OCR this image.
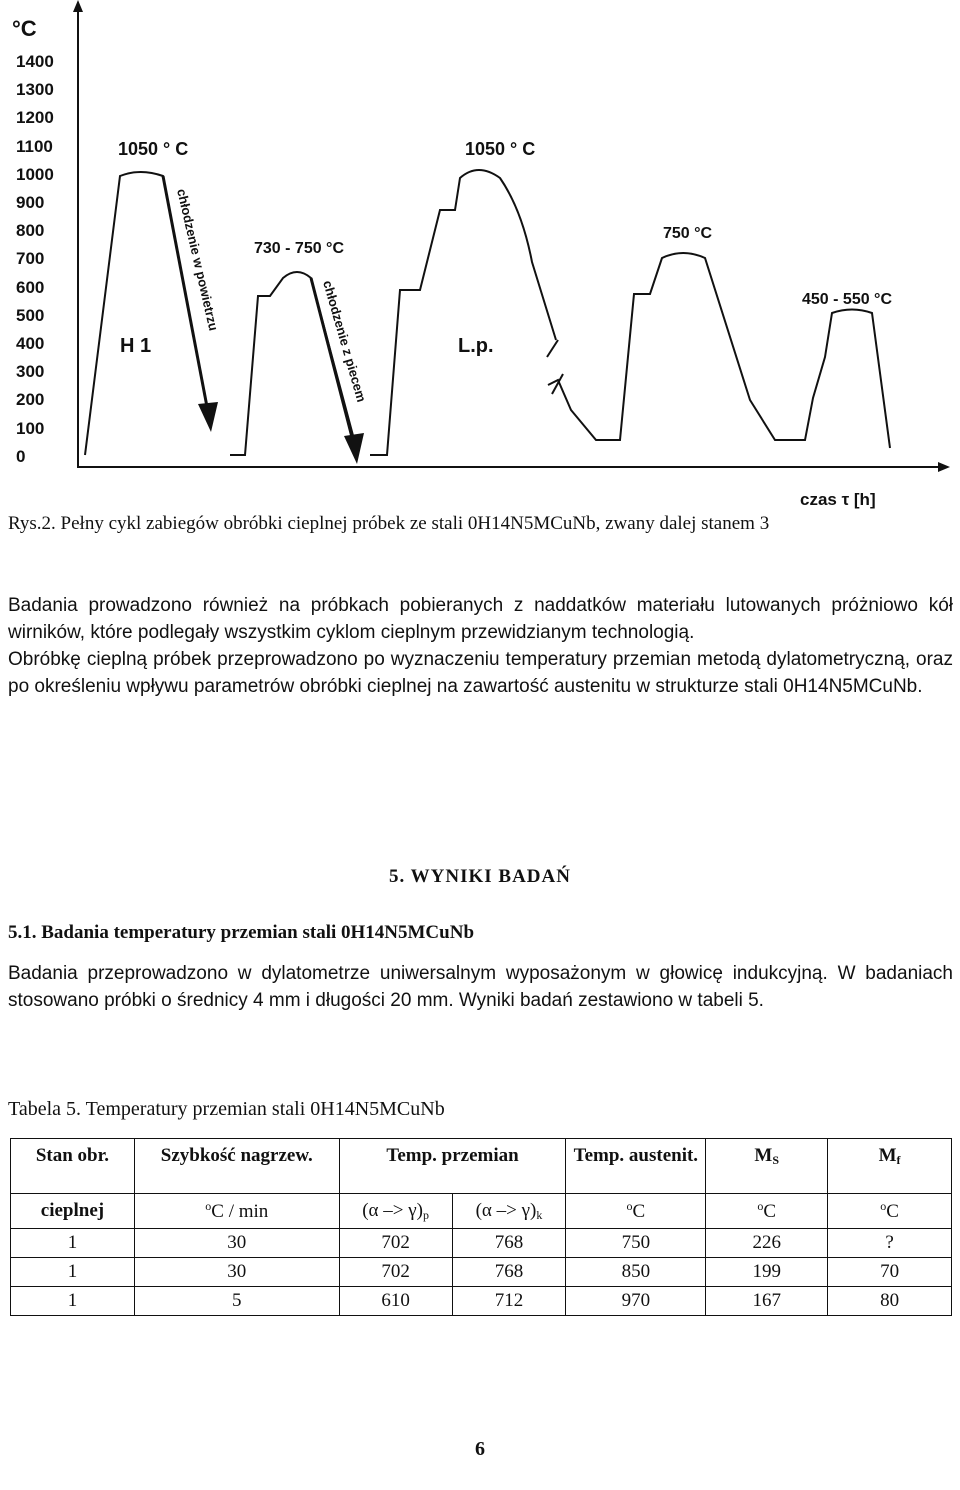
°C
1400
1300
1200
1100
1000
900
800
700
600
500
400
300
200
100
0
1050 ° C
730 - 750 °C
1050 ° C
750 °C
450 - 550 °C
H 1	L.p.
chłodzenie w powietrzu
chłodzenie z piecem
czas τ [h]
Rys.2. Pełny cykl zabiegów obróbki cieplnej próbek ze stali 0H14N5MCuNb, zwany dalej stanem 3

Badania prowadzono również na próbkach pobieranych z naddatków materiału lutowanych próżniowo kół wirników, które podlegały wszystkim cyklom cieplnym przewidzianym technologią.

Obróbkę cieplną próbek przeprowadzono po wyznaczeniu temperatury przemian metodą dylatometryczną, oraz po określeniu wpływu parametrów obróbki cieplnej na zawartość austenitu w strukturze stali 0H14N5MCuNb.

5. WYNIKI BADAŃ
5.1. Badania temperatury przemian stali 0H14N5MCuNb
Badania przeprowadzono w dylatometrze uniwersalnym wyposażonym w głowicę indukcyjną. W badaniach stosowano próbki o średnicy 4 mm i długości 20 mm. Wyniki badań zestawiono w tabeli 5.
Tabela 5. Temperatury przemian stali 0H14N5MCuNb
Stan obr.	Szybkość nagrzew.	Temp. przemian		Temp. austenit.	$M_S$	$M_f$
cieplnej	$^o$C / min	$(\alpha -> \gamma)_p$	$(\alpha -> \gamma)_k$	$^o$C	$^o$C	$^o$C
1	30	702	768	750	226	?
1	30	702	768	850	199	70
1	5	610	712	970	167	80
6
